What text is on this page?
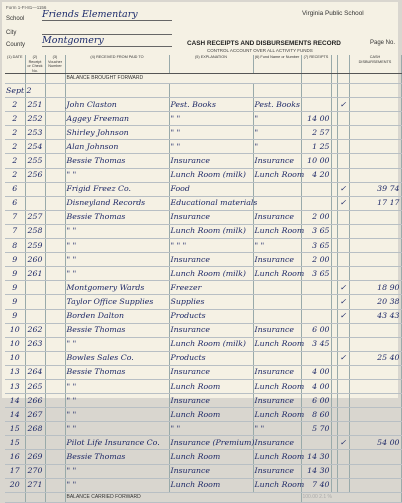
Form 1-FI-81—1156
School Friends Elementary
City
County Montgomery
Virginia Public School
CASH RECEIPTS AND DISBURSEMENTS RECORD
CONTROL ACCOUNT OVER ALL ACTIVITY FUNDS
Page No.
(1) DATE	(2) Receipt or Check No.	(3) Voucher Number	(4) RECEIVED FROM PAID TO	(5) EXPLANATION	(6) Fund Name or Number	(7) RECEIPTS			CASH
DISBURSEMENTS

			BALANCE BROUGHT FORWARD						
Sept 2									
2	251		John Claston	Pest. Books	Pest. Books			✓	
2	252		Aggey Freeman	" "	"	14 00			
2	253		Shirley Johnson	" "	"	2 57			
2	254		Alan Johnson	" "	"	1 25			
2	255		Bessie Thomas	Insurance	Insurance	10 00			
2	256		" "	Lunch Room (milk)	Lunch Room	4 20			
6			Frigid Freez Co.	Food				✓	39 74
6			Disneyland Records	Educational materials				✓	17 17
7	257		Bessie Thomas	Insurance	Insurance	2 00			
7	258		" "	Lunch Room (milk)	Lunch Room	3 65			
8	259		" "	" " "	" "	3 65			
9	260		" "	Insurance	Insurance	2 00			
9	261		" "	Lunch Room (milk)	Lunch Room	3 65			
9			Montgomery Wards	Freezer				✓	18 90
9			Taylor Office Supplies	Supplies				✓	20 38
9			Borden Dalton	Products				✓	43 43
10	262		Bessie Thomas	Insurance	Insurance	6 00			
10	263		" "	Lunch Room (milk)	Lunch Room	3 45			
10			Bowles Sales Co.	Products				✓	25 40
13	264		Bessie Thomas	Insurance	Insurance	4 00			
13	265		" "	Lunch Room	Lunch Room	4 00			
14	266		" "	Insurance	Insurance	6 00			
14	267		" "	Lunch Room	Lunch Room	8 60			
15	268		" "	" "	" "	5 70			
15			Pilot Life Insurance Co.	Insurance (Premium)	Insurance			✓	54 00
16	269		Bessie Thomas	Lunch Room	Lunch Room	14 30			
17	270		" "	Insurance	Insurance	14 30			
20	271		" "	Lunch Room	Lunch Room	7 40			
			BALANCE CARRIED FORWARD			100.00 2.1 %			
